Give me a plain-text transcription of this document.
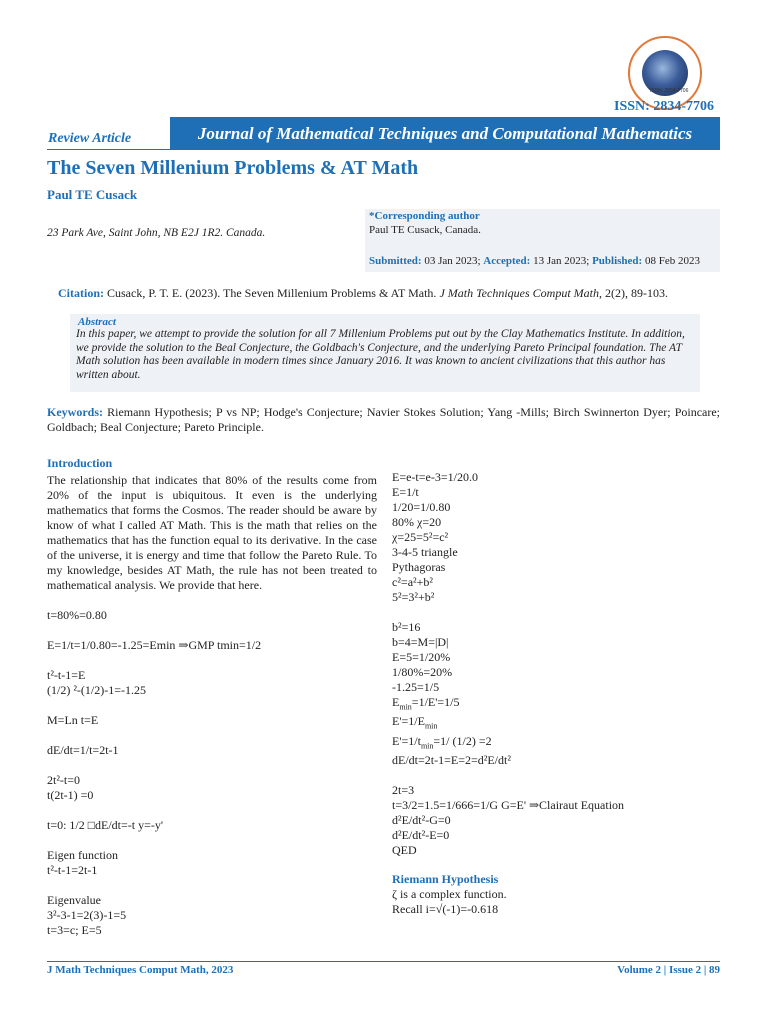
ISSN: 2834-7706
ISSN: 2834-7706
Review Article	Journal of Mathematical Techniques and Computational Mathematics
The Seven Millenium Problems & AT Math
Paul TE Cusack
23 Park Ave, Saint John, NB E2J 1R2. Canada.
*Corresponding author
Paul TE Cusack, Canada.
Submitted: 03 Jan 2023; Accepted: 13 Jan 2023; Published: 08 Feb 2023
Citation: Cusack, P. T. E. (2023). The Seven Millenium Problems & AT Math. J Math Techniques Comput Math, 2(2), 89-103.
Abstract
In this paper, we attempt to provide the solution for all 7 Millenium Problems put out by the Clay Mathematics Institute. In addition, we provide the solution to the Beal Conjecture, the Goldbach's Conjecture, and the underlying Pareto Principal foundation. The AT Math solution has been available in modern times since January 2016. It was known to ancient civilizations that this author has written about.
Keywords: Riemann Hypothesis; P vs NP; Hodge's Conjecture; Navier Stokes Solution; Yang -Mills; Birch Swinnerton Dyer; Poincare; Goldbach; Beal Conjecture; Pareto Principle.
Introduction
The relationship that indicates that 80% of the results come from 20% of the input is ubiquitous. It even is the underlying mathematics that forms the Cosmos. The reader should be aware by know of what I called AT Math. This is the math that relies on the mathematics that has the function equal to its derivative. In the case of the universe, it is energy and time that follow the Pareto Rule. To my knowledge, besides AT Math, the rule has not been treated to mathematical analysis. We provide that here.
t=80%=0.80
E=1/t=1/0.80=-1.25=Emin ⇒GMP tmin=1/2
t²-t-1=E
(1/2) ²-(1/2)-1=-1.25
M=Ln t=E
dE/dt=1/t=2t-1
2t²-t=0
t(2t-1) =0
t=0: 1/2 □dE/dt=-t y=-y'
Eigen function
t²-t-1=2t-1
Eigenvalue
3²-3-1=2(3)-1=5
t=3=c; E=5
E=e-t=e-3=1/20.0
E=1/t
1/20=1/0.80
80% χ=20
χ=25=5²=c²
3-4-5 triangle
Pythagoras
c²=a²+b²
5²=3²+b²
b²=16
b=4=M=|D|
E=5=1/20%
1/80%=20%
-1.25=1/5
$E_{min}=1/E'=1/5$
$E'=1/E_{min}$
$E'=1/t_{min}=1/$ (1/2) =2
dE/dt=2t-1=E=2=d²E/dt²
2t=3
t=3/2=1.5=1/666=1/G G=E' ⇒Clairaut Equation
d²E/dt²-G=0
d²E/dt²-E=0
QED
Riemann Hypothesis
ζ is a complex function.
Recall i=√(-1)=-0.618
J Math Techniques Comput Math, 2023	Volume 2 | Issue 2 | 89
